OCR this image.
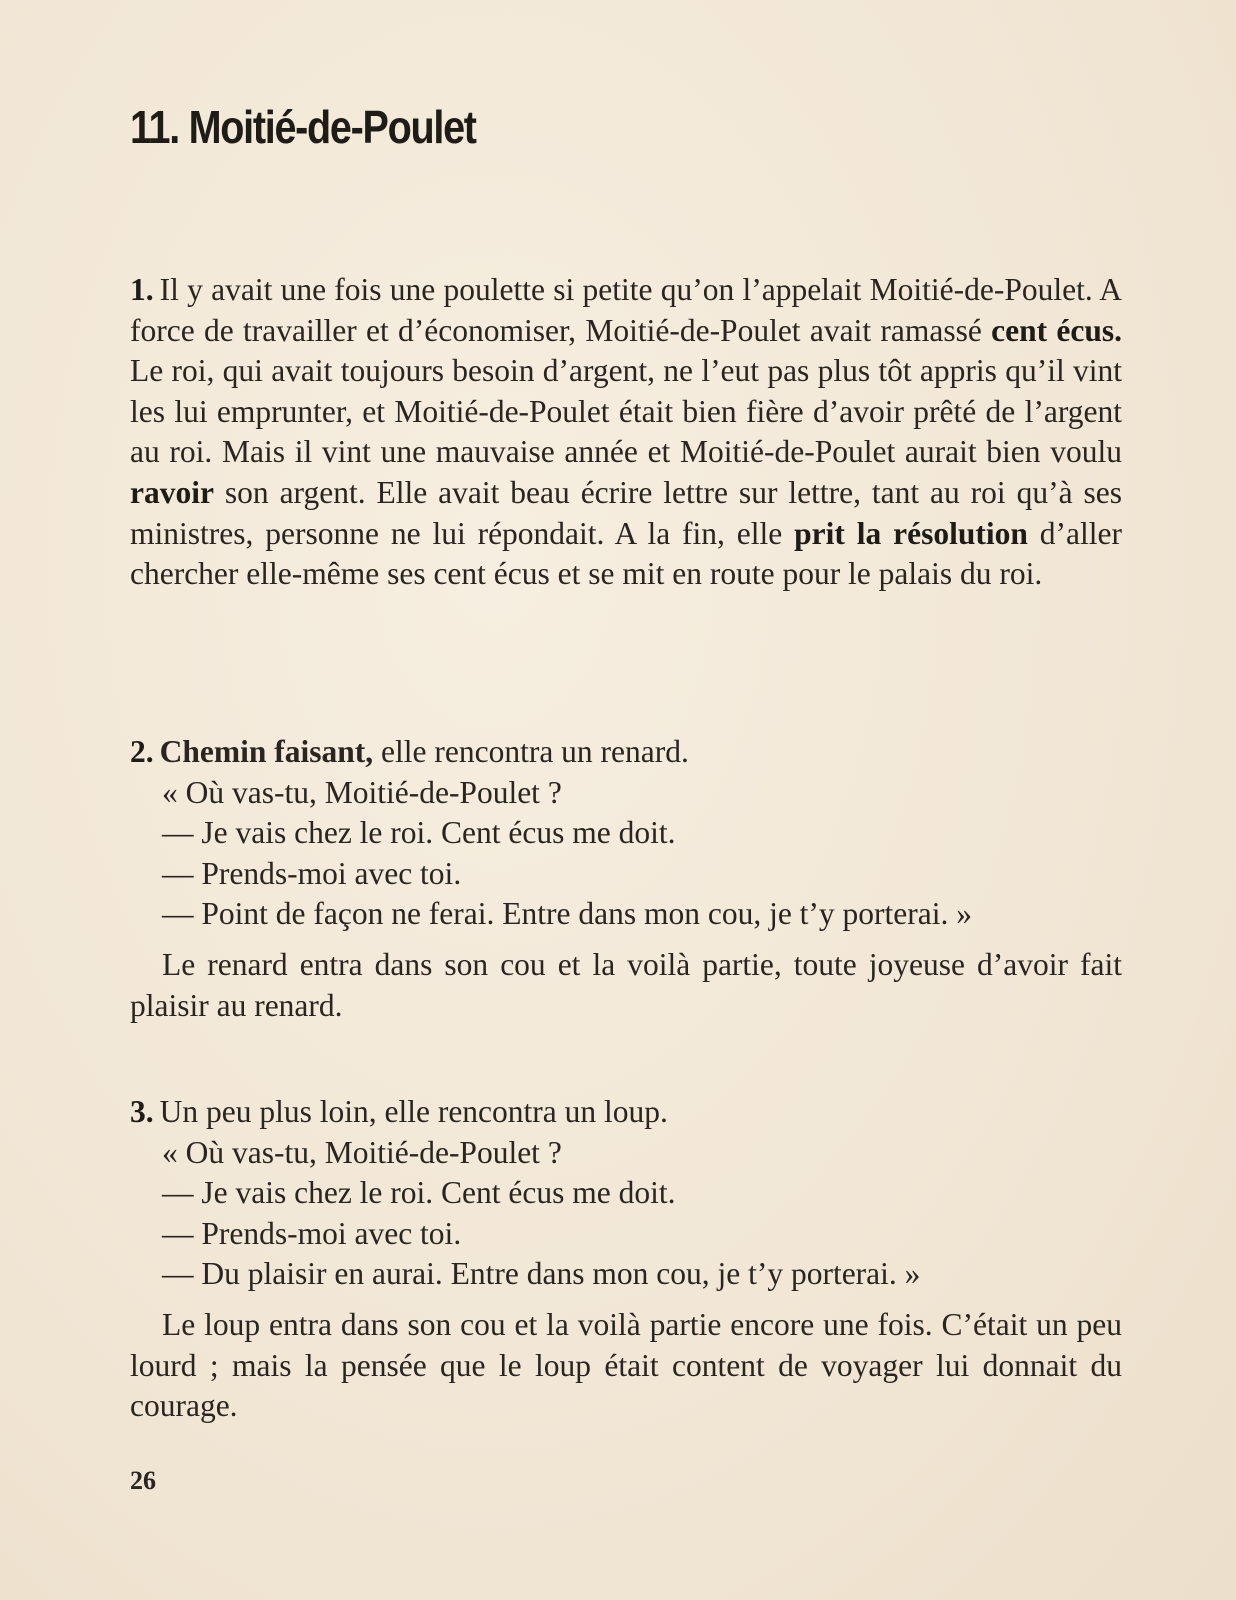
11. Moitié-de-Poulet

1. Il y avait une fois une poulette si petite qu’on l’appelait Moitié-de-Poulet. A force de travailler et d’économiser, Moitié-de-Poulet avait ramassé cent écus. Le roi, qui avait toujours besoin d’argent, ne l’eut pas plus tôt appris qu’il vint les lui emprunter, et Moitié-de-Poulet était bien fière d’avoir prêté de l’argent au roi. Mais il vint une mauvaise année et Moitié-de-Poulet aurait bien voulu ravoir son argent. Elle avait beau écrire lettre sur lettre, tant au roi qu’à ses ministres, personne ne lui répondait. A la fin, elle prit la résolution d’aller chercher elle-même ses cent écus et se mit en route pour le palais du roi.

2. Chemin faisant, elle rencontra un renard.
« Où vas-tu, Moitié-de-Poulet ?
— Je vais chez le roi. Cent écus me doit.
— Prends-moi avec toi.
— Point de façon ne ferai. Entre dans mon cou, je t’y porterai. »

Le renard entra dans son cou et la voilà partie, toute joyeuse d’avoir fait plaisir au renard.

3. Un peu plus loin, elle rencontra un loup.
« Où vas-tu, Moitié-de-Poulet ?
— Je vais chez le roi. Cent écus me doit.
— Prends-moi avec toi.
— Du plaisir en aurai. Entre dans mon cou, je t’y porterai. »

Le loup entra dans son cou et la voilà partie encore une fois. C’était un peu lourd ; mais la pensée que le loup était content de voyager lui donnait du courage.

26
